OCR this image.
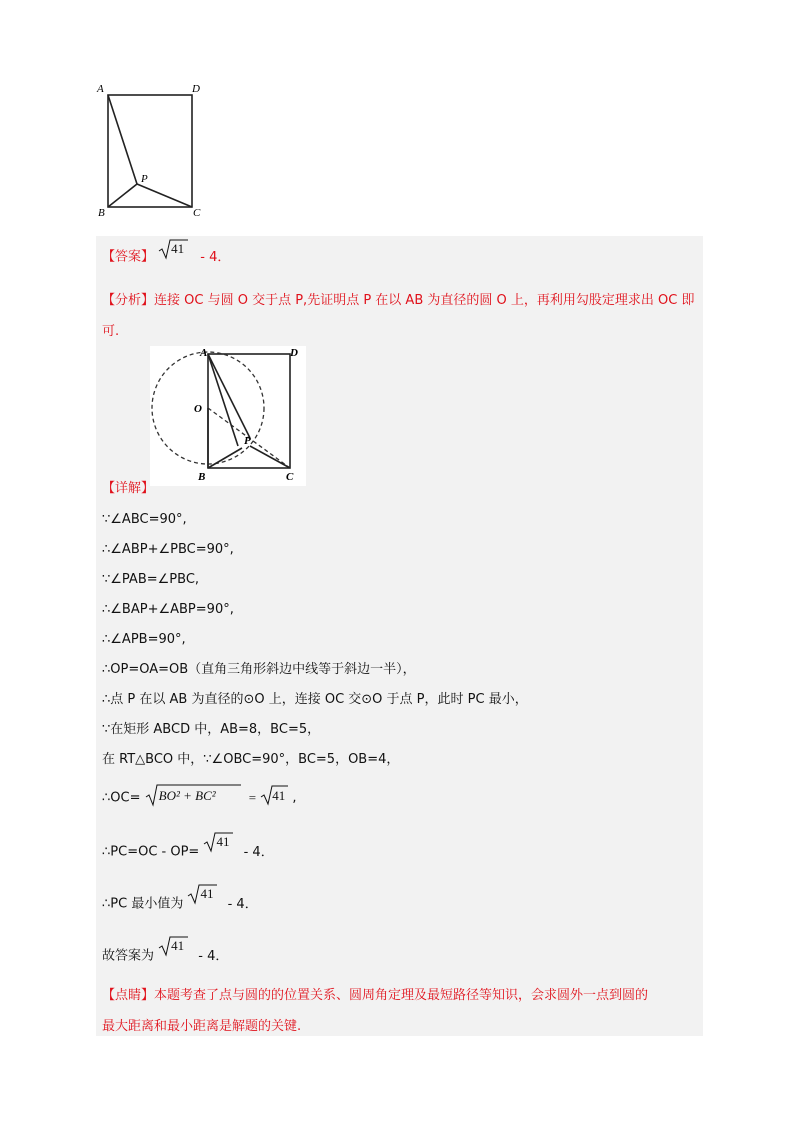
A	D
B	C
P
【答案】
41
- 4．
【分析】连接 OC 与圆 O 交于点 P,先证明点 P 在以 AB 为直径的圆 O 上，再利用勾股定理求出 OC 即
可.
A	D
O
P
B	C
【详解】
∵∠ABC=90°,
∴∠ABP+∠PBC=90°,
∵∠PAB=∠PBC,
∴∠BAP+∠ABP=90°,
∴∠APB=90°,
∴OP=OA=OB（直角三角形斜边中线等于斜边一半），
∴点 P 在以 AB 为直径的⊙O 上，连接 OC 交⊙O 于点 P，此时 PC 最小，
∵在矩形 ABCD 中，AB=8，BC=5，
在 RT△BCO 中，∵∠OBC=90°，BC=5，OB=4，
∴OC= BO² + BC²	= 41 ,
∴PC=OC - OP=
41
- 4．
∴PC 最小值为
41
- 4．
故答案为
41
- 4．
【点睛】本题考查了点与圆的的位置关系、圆周角定理及最短路径等知识，会求圆外一点到圆的
最大距离和最小距离是解题的关键.
